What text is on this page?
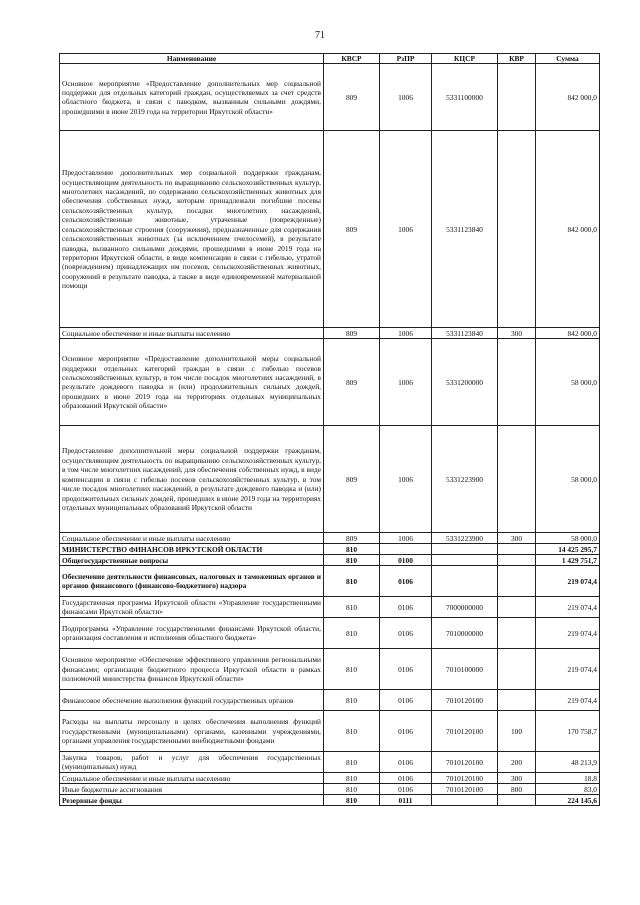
71
Наименование	КВСР	РзПР	КЦСР	КВР	Сумма
Основное мероприятие «Предоставление дополнительных мер социальной поддержки для отдельных категорий граждан, осуществляемых за счет средств областного бюджета, в связи с паводком, вызванным сильными дождями, прошедшими в июне 2019 года на территории Иркутской области»	809	1006	5331100000		842 000,0
Предоставление дополнительных мер социальной поддержки гражданам, осуществляющим деятельность по выращиванию сельскохозяйственных культур, многолетних насаждений, по содержанию сельскохозяйственных животных для обеспечения собственных нужд, которым принадлежали погибшие посевы сельскохозяйственных культур, посадки многолетних насаждений, сельскохозяйственные животные, утраченные (поврежденные) сельскохозяйственные строения (сооружения), предназначенные для содержания сельскохозяйственных животных (за исключением пчелосемей), в результате паводка, вызванного сильными дождями, прошедшими в июне 2019 года на территории Иркутской области, в виде компенсации в связи с гибелью, утратой (повреждением) принадлежащих им посевов, сельскохозяйственных животных, сооружений в результате паводка, а также в виде единовременной материальной помощи	809	1006	5331123840		842 000,0
Социальное обеспечение и иные выплаты населению	809	1006	5331123840	300	842 000,0
Основное мероприятие «Предоставление дополнительной меры социальной поддержки отдельных категорий граждан в связи с гибелью посевов сельскохозяйственных культур, в том числе посадок многолетних насаждений, в результате дождевого паводка и (или) продолжительных сильных дождей, прошедших в июне 2019 года на территориях отдельных муниципальных образований Иркутской области»	809	1006	5331200000		58 000,0
Предоставление дополнительной меры социальной поддержки гражданам, осуществляющим деятельность по выращиванию сельскохозяйственных культур, в том числе многолетних насаждений, для обеспечения собственных нужд, в виде компенсации в связи с гибелью посевов сельскохозяйственных культур, в том числе посадок многолетних насаждений, в результате дождевого паводка и (или) продолжительных сильных дождей, прошедших в июне 2019 года на территориях отдельных муниципальных образований Иркутской области	809	1006	5331223900		58 000,0
Социальное обеспечение и иные выплаты населению	809	1006	5331223900	300	58 000,0
МИНИСТЕРСТВО ФИНАНСОВ ИРКУТСКОЙ ОБЛАСТИ	810				14 425 295,7
Общегосударственные вопросы	810	0100			1 429 751,7
Обеспечение деятельности финансовых, налоговых и таможенных органов и органов финансового (финансово-бюджетного) надзора	810	0106			219 074,4
Государственная программа Иркутской области «Управление государственными финансами Иркутской области»	810	0106	7000000000		219 074,4
Подпрограмма «Управление государственными финансами Иркутской области, организация составления и исполнения областного бюджета»	810	0106	7010000000		219 074,4
Основное мероприятие «Обеспечение эффективного управления региональными финансами; организация бюджетного процесса Иркутской области в рамках полномочий министерства финансов Иркутской области»	810	0106	7010100000		219 074,4
Финансовое обеспечение выполнения функций государственных органов	810	0106	7010120100		219 074,4
Расходы на выплаты персоналу в целях обеспечения выполнения функций государственными (муниципальными) органами, казенными учреждениями, органами управления государственными внебюджетными фондами	810	0106	7010120100	100	170 758,7
Закупка товаров, работ и услуг для обеспечения государственных (муниципальных) нужд	810	0106	7010120100	200	48 213,9
Социальное обеспечение и иные выплаты населению	810	0106	7010120100	300	18,8
Иные бюджетные ассигнования	810	0106	7010120100	800	83,0
Резервные фонды	810	0111			224 145,6
